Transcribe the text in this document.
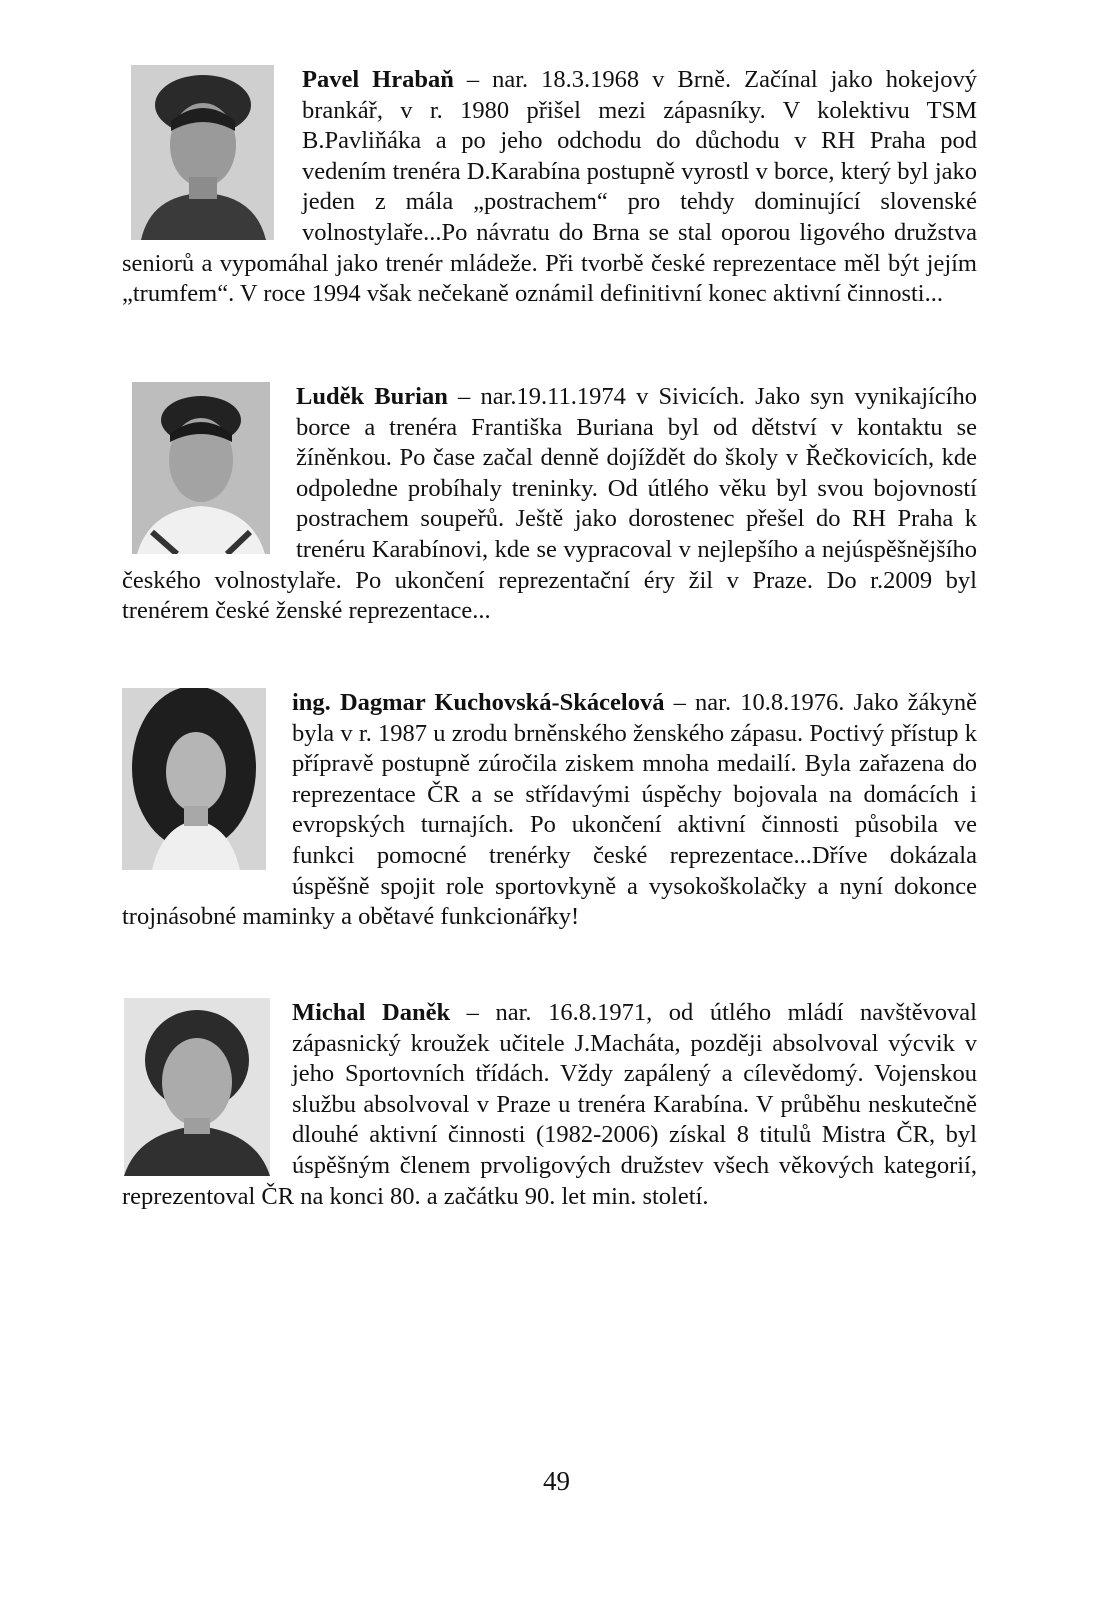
Pavel Hrabaň – nar. 18.3.1968 v Brně. Začínal jako hokejový brankář, v r. 1980 přišel mezi zápasníky. V kolektivu TSM B.Pavliňáka a po jeho odchodu do důchodu v RH Praha pod vedením trenéra D.Karabína postupně vyrostl v borce, který byl jako jeden z mála „postrachem“ pro tehdy dominující slovenské volnostylaře...Po návratu do Brna se stal oporou ligového družstva seniorů a vypomáhal jako trenér mládeže. Při tvorbě české reprezentace měl být jejím „trumfem“. V roce 1994 však nečekaně oznámil definitivní konec aktivní činnosti...

Luděk Burian – nar.19.11.1974 v Sivicích. Jako syn vynikajícího borce a trenéra Františka Buriana byl od dětství v kontaktu se žíněnkou. Po čase začal denně dojíždět do školy v Řečkovicích, kde odpoledne probíhaly treninky. Od útlého věku byl svou bojovností postrachem soupeřů. Ještě jako dorostenec přešel do RH Praha k trenéru Karabínovi, kde se vypracoval v nejlepšího a nejúspěšnějšího českého volnostylaře. Po ukončení reprezentační éry žil v Praze. Do r.2009 byl trenérem české ženské reprezentace...

ing. Dagmar Kuchovská-Skácelová – nar. 10.8.1976. Jako žákyně byla v r. 1987 u zrodu brněnského ženského zápasu. Poctivý přístup k přípravě postupně zúročila ziskem mnoha medailí. Byla zařazena do reprezentace ČR a se střídavými úspěchy bojovala na domácích i evropských turnajích. Po ukončení aktivní činnosti působila ve funkci pomocné trenérky české reprezentace...Dříve dokázala úspěšně spojit role sportovkyně a vysokoškolačky a nyní dokonce trojnásobné maminky a obětavé funkcionářky!

Michal Daněk – nar. 16.8.1971, od útlého mládí navštěvoval zápasnický kroužek učitele J.Macháta, později absolvoval výcvik v jeho Sportovních třídách. Vždy zapálený a cílevědomý. Vojenskou službu absolvoval v Praze u trenéra Karabína. V průběhu neskutečně dlouhé aktivní činnosti (1982-2006) získal 8 titulů Mistra ČR, byl úspěšným členem prvoligových družstev všech věkových kategorií, reprezentoval ČR na konci 80. a začátku 90. let min. století.

49
